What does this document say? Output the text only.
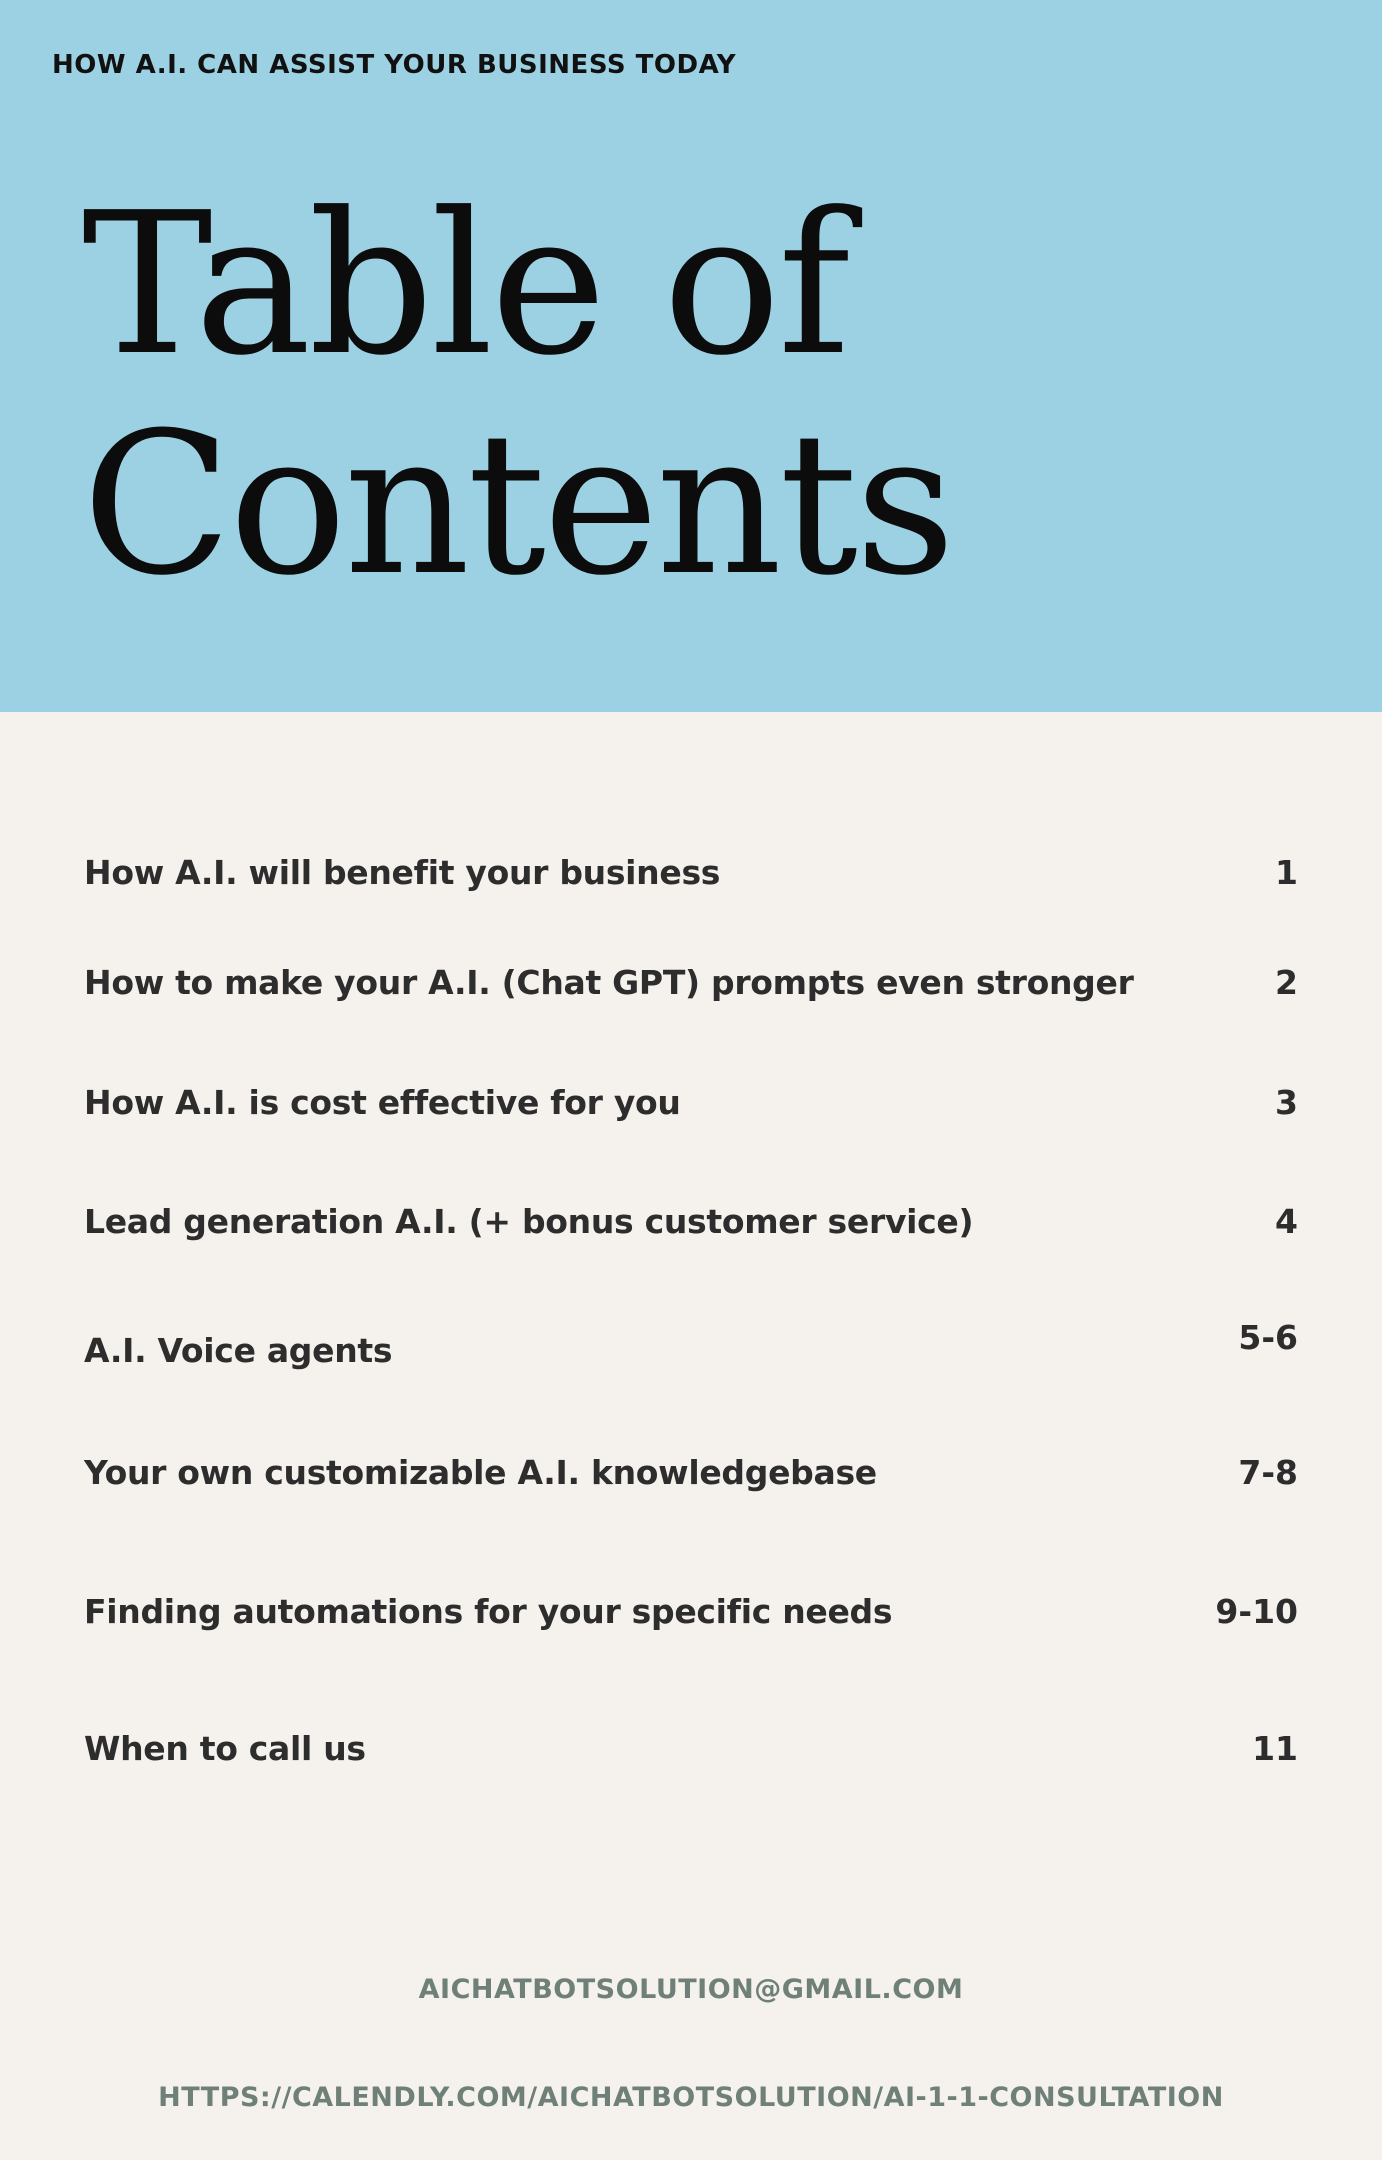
HOW A.I. CAN ASSIST YOUR BUSINESS TODAY
Table of
Contents
How A.I. will benefit your business	1
How to make your A.I. (Chat GPT) prompts even stronger	2
How A.I. is cost effective for you	3
Lead generation A.I. (+ bonus customer service)	4
A.I. Voice agents	5-6
Your own customizable A.I. knowledgebase	7-8
Finding automations for your specific needs	9-10
When to call us	11
AICHATBOTSOLUTION@GMAIL.COM
HTTPS://CALENDLY.COM/AICHATBOTSOLUTION/AI-1-1-CONSULTATION
